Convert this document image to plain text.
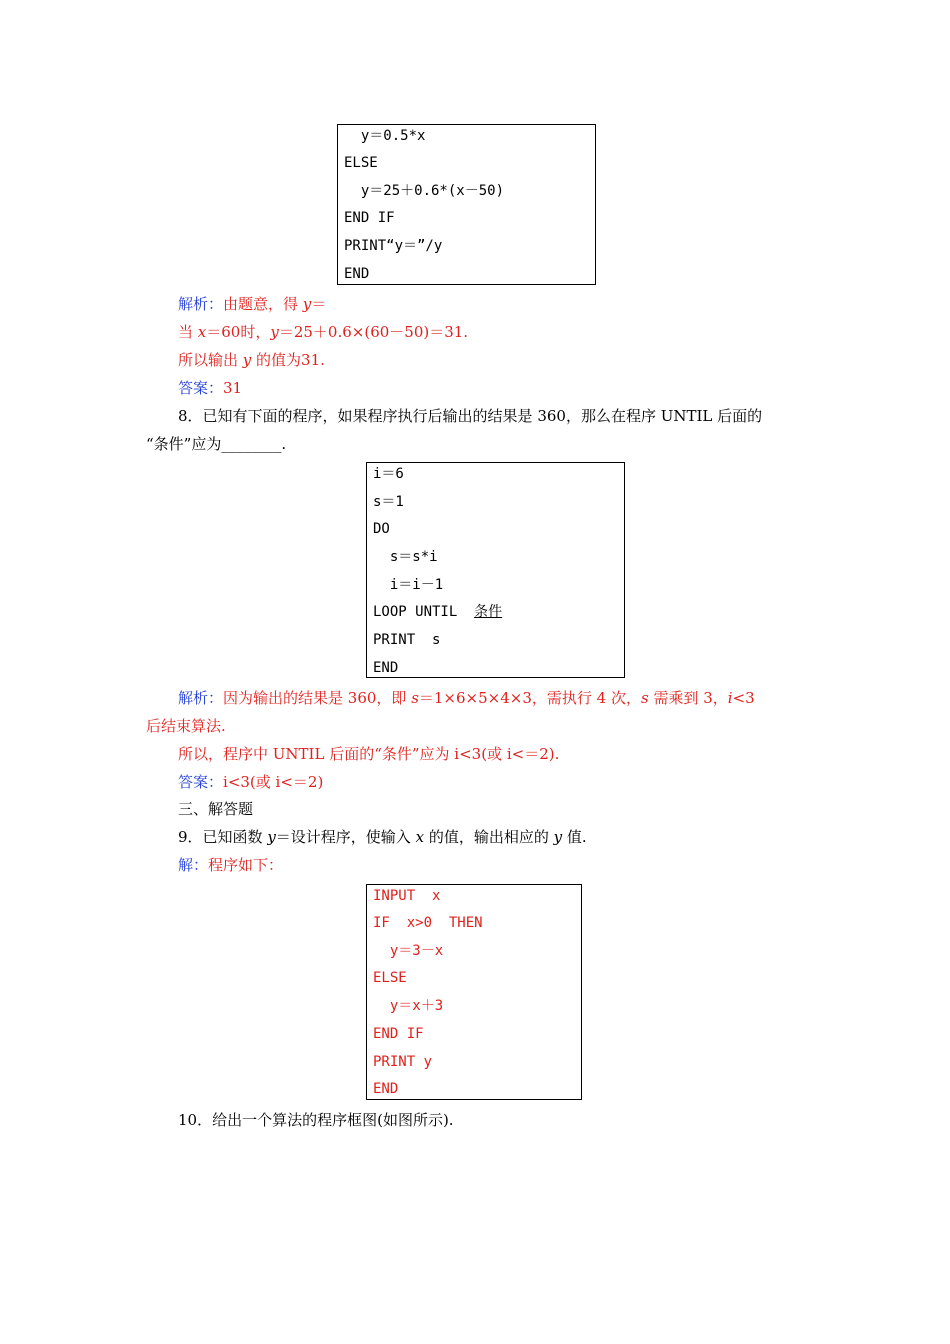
y＝0.5*x
ELSE
y＝25＋0.6*(x－50)
END IF
PRINT“y＝”/y
END
解析：由题意，得 y＝
当 x＝60时，y＝25＋0.6×(60－50)＝31.
所以输出 y 的值为31.
答案：31
8．已知有下面的程序，如果程序执行后输出的结果是 360，那么在程序 UNTIL 后面的
“条件”应为________.
i＝6
s＝1
DO
s＝s*i
i＝i－1
LOOP UNTIL  条件
PRINT  s
END
解析：因为输出的结果是 360，即 s＝1×6×5×4×3，需执行 4 次，s 需乘到 3，i<3
后结束算法.
所以，程序中 UNTIL 后面的“条件”应为 i<3(或 i<＝2).
答案：i<3(或 i<＝2)
三、解答题
9．已知函数 y＝设计程序，使输入 x 的值，输出相应的 y 值.
解：程序如下：
INPUT  x
IF  x>0  THEN
y＝3－x
ELSE
y＝x＋3
END IF
PRINT y
END
10．给出一个算法的程序框图(如图所示).
